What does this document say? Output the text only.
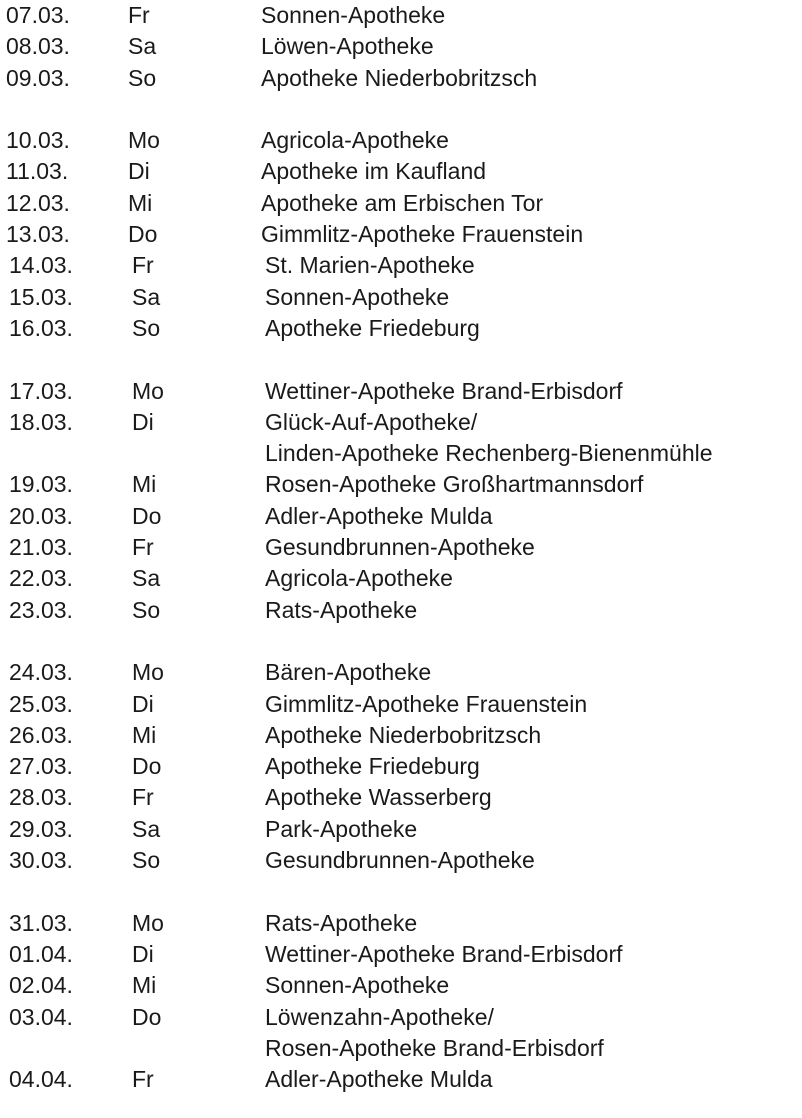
07.03.	Fr	Sonnen-Apotheke
08.03.	Sa	Löwen-Apotheke
09.03.	So	Apotheke Niederbobritzsch
10.03.	Mo	Agricola-Apotheke
11.03.	Di	Apotheke im Kaufland
12.03.	Mi	Apotheke am Erbischen Tor
13.03.	Do	Gimmlitz-Apotheke Frauenstein
14.03.	Fr	St. Marien-Apotheke
15.03.	Sa	Sonnen-Apotheke
16.03.	So	Apotheke Friedeburg
17.03.	Mo	Wettiner-Apotheke Brand-Erbisdorf
18.03.	Di	Glück-Auf-Apotheke/
Linden-Apotheke Rechenberg-Bienenmühle
19.03.	Mi	Rosen-Apotheke Großhartmannsdorf
20.03.	Do	Adler-Apotheke Mulda
21.03.	Fr	Gesundbrunnen-Apotheke
22.03.	Sa	Agricola-Apotheke
23.03.	So	Rats-Apotheke
24.03.	Mo	Bären-Apotheke
25.03.	Di	Gimmlitz-Apotheke Frauenstein
26.03.	Mi	Apotheke Niederbobritzsch
27.03.	Do	Apotheke Friedeburg
28.03.	Fr	Apotheke Wasserberg
29.03.	Sa	Park-Apotheke
30.03.	So	Gesundbrunnen-Apotheke
31.03.	Mo	Rats-Apotheke
01.04.	Di	Wettiner-Apotheke Brand-Erbisdorf
02.04.	Mi	Sonnen-Apotheke
03.04.	Do	Löwenzahn-Apotheke/
Rosen-Apotheke Brand-Erbisdorf
04.04.	Fr	Adler-Apotheke Mulda
